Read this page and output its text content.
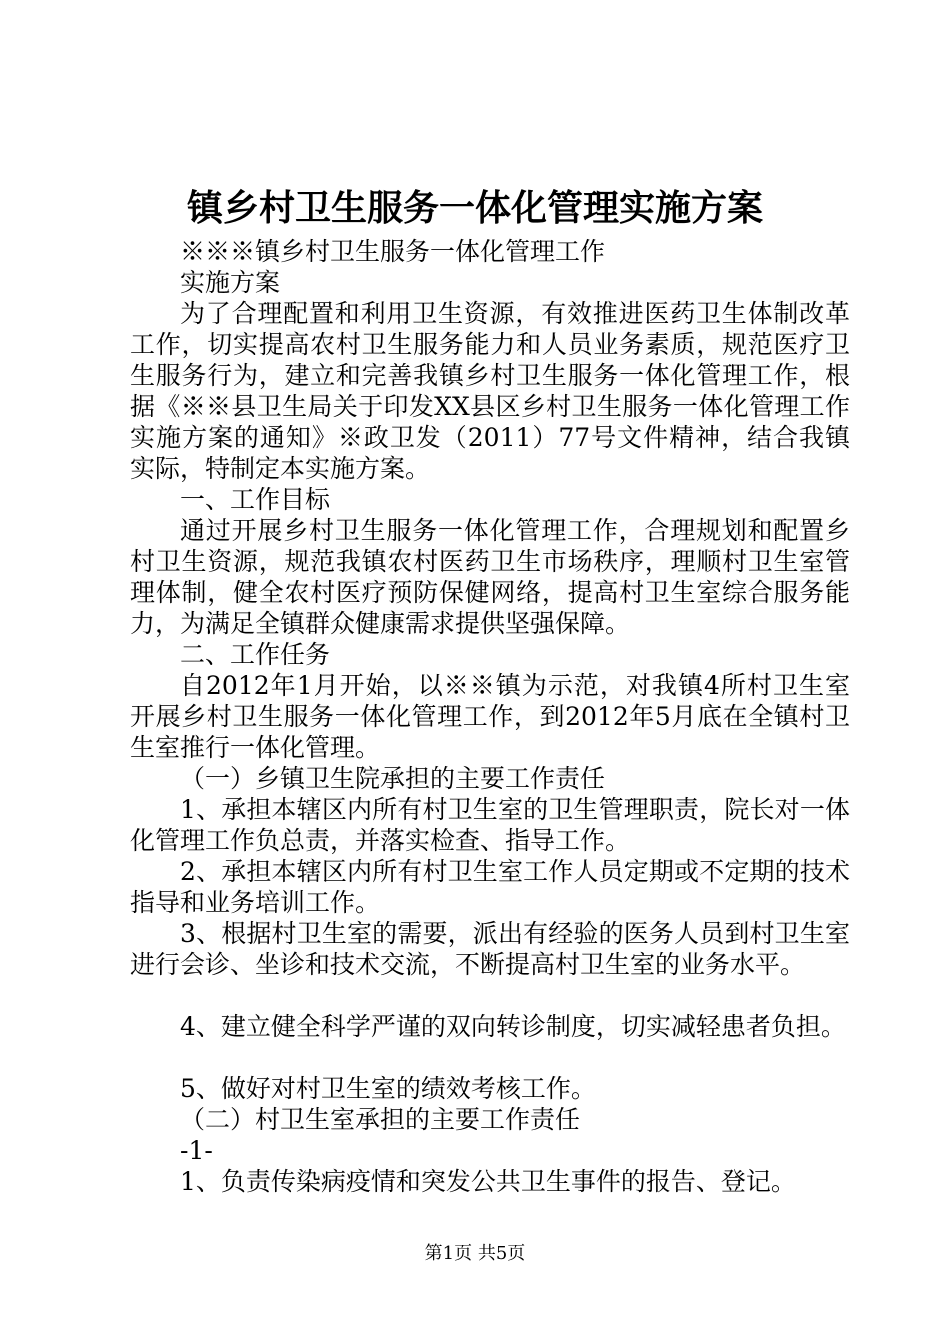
镇乡村卫生服务一体化管理实施方案

※※※镇乡村卫生服务一体化管理工作

实施方案

为了合理配置和利用卫生资源，有效推进医药卫生体制改革工作，切实提高农村卫生服务能力和人员业务素质，规范医疗卫生服务行为，建立和完善我镇乡村卫生服务一体化管理工作，根据《※※县卫生局关于印发XX县区乡村卫生服务一体化管理工作实施方案的通知》※政卫发（2011）77号文件精神，结合我镇实际，特制定本实施方案。

一、工作目标

通过开展乡村卫生服务一体化管理工作，合理规划和配置乡村卫生资源，规范我镇农村医药卫生市场秩序，理顺村卫生室管理体制，健全农村医疗预防保健网络，提高村卫生室综合服务能力，为满足全镇群众健康需求提供坚强保障。

二、工作任务

自2012年1月开始，以※※镇为示范，对我镇4所村卫生室开展乡村卫生服务一体化管理工作，到2012年5月底在全镇村卫生室推行一体化管理。

（一）乡镇卫生院承担的主要工作责任

1、承担本辖区内所有村卫生室的卫生管理职责，院长对一体化管理工作负总责，并落实检查、指导工作。

2、承担本辖区内所有村卫生室工作人员定期或不定期的技术指导和业务培训工作。

3、根据村卫生室的需要，派出有经验的医务人员到村卫生室进行会诊、坐诊和技术交流，不断提高村卫生室的业务水平。

4、建立健全科学严谨的双向转诊制度，切实减轻患者负担。

5、做好对村卫生室的绩效考核工作。

（二）村卫生室承担的主要工作责任

-1-

1、负责传染病疫情和突发公共卫生事件的报告、登记。

第1页 共5页
